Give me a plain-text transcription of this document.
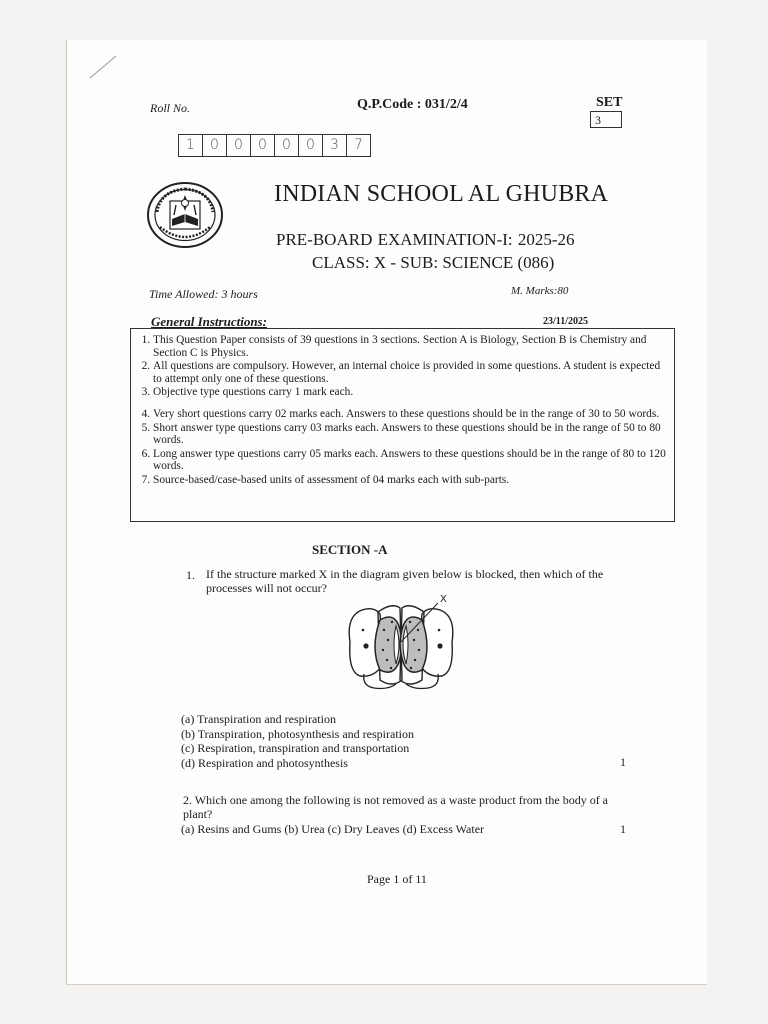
Roll No.	Q.P.Code : 031/2/4	SET
3
1	0	0	0	0	0	3	7
INDIAN SCHOOL AL GHUBRA
PRE-BOARD EXAMINATION-I: 2025-26
CLASS: X - SUB: SCIENCE (086)
Time Allowed: 3 hours	M. Marks:80
General Instructions:	23/11/2025
1. This Question Paper consists of 39 questions in 3 sections. Section A is Biology, Section B is Chemistry and Section C is Physics.
2. All questions are compulsory. However, an internal choice is provided in some questions. A student is expected to attempt only one of these questions.
3. Objective type questions carry 1 mark each.
4. Very short questions carry 02 marks each. Answers to these questions should be in the range of 30 to 50 words.
5. Short answer type questions carry 03 marks each. Answers to these questions should be in the range of 50 to 80 words.
6. Long answer type questions carry 05 marks each. Answers to these questions should be in the range of 80 to 120 words.
7. Source-based/case-based units of assessment of 04 marks each with sub-parts.
SECTION -A
1. If the structure marked X in the diagram given below is blocked, then which of the processes will not occur?
X
(a) Transpiration and respiration
(b) Transpiration, photosynthesis and respiration
(c) Respiration, transpiration and transportation
(d) Respiration and photosynthesis	1
2. Which one among the following is not removed as a waste product from the body of a plant?
(a) Resins and Gums (b) Urea (c) Dry Leaves (d) Excess Water	1
Page 1 of 11
